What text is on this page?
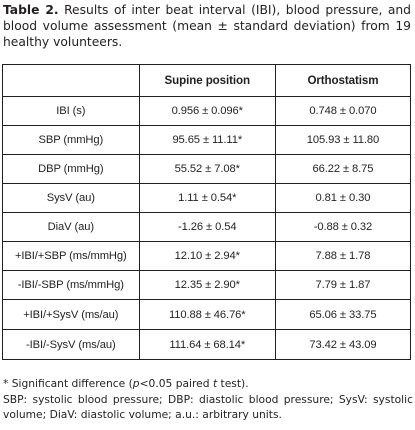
Table 2. Results of inter beat interval (IBI), blood pressure, and blood volume assessment (mean ± standard deviation) from 19 healthy volunteers.
	Supine position	Orthostatism
IBI (s)	0.956 ± 0.096*	0.748 ± 0.070
SBP (mmHg)	95.65 ± 11.11*	105.93 ± 11.80
DBP (mmHg)	55.52 ± 7.08*	66.22 ± 8.75
SysV (au)	1.11 ± 0.54*	0.81 ± 0.30
DiaV (au)	-1.26 ± 0.54	-0.88 ± 0.32
+IBI/+SBP (ms/mmHg)	12.10 ± 2.94*	7.88 ± 1.78
-IBI/-SBP (ms/mmHg)	12.35 ± 2.90*	7.79 ± 1.87
+IBI/+SysV (ms/au)	110.88 ± 46.76*	65.06 ± 33.75
-IBI/-SysV (ms/au)	111.64 ± 68.14*	73.42 ± 43.09

* Significant difference (p<0.05 paired t test).

SBP: systolic blood pressure; DBP: diastolic blood pressure; SysV: systolic volume; DiaV: diastolic volume; a.u.: arbitrary units.
